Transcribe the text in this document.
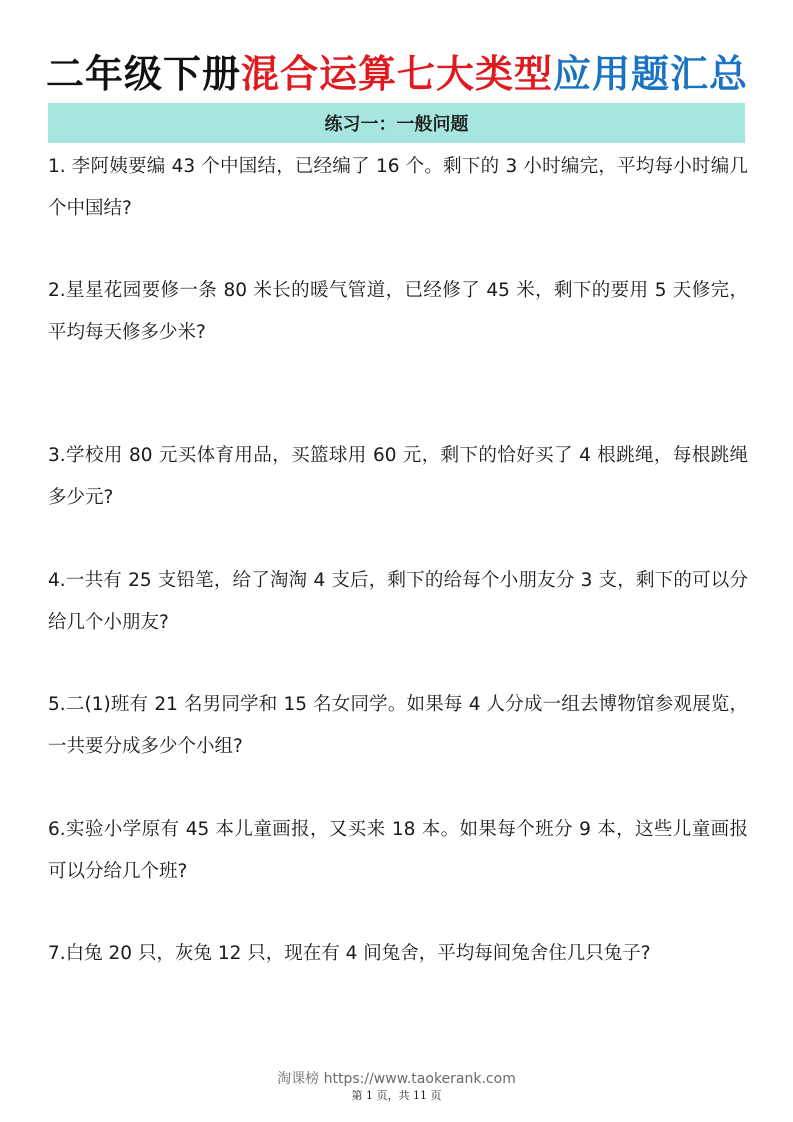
二年级下册混合运算七大类型应用题汇总
练习一：一般问题
1. 李阿姨要编 43 个中国结，已经编了 16 个。剩下的 3 小时编完，平均每小时编几个中国结?
2.星星花园要修一条 80 米长的暖气管道，已经修了 45 米，剩下的要用 5 天修完，平均每天修多少米?
3.学校用 80 元买体育用品，买篮球用 60 元，剩下的恰好买了 4 根跳绳，每根跳绳多少元?
4.一共有 25 支铅笔，给了淘淘 4 支后，剩下的给每个小朋友分 3 支，剩下的可以分给几个小朋友?
5.二(1)班有 21 名男同学和 15 名女同学。如果每 4 人分成一组去博物馆参观展览，一共要分成多少个小组?
6.实验小学原有 45 本儿童画报，又买来 18 本。如果每个班分 9 本，这些儿童画报可以分给几个班?
7.白兔 20 只，灰兔 12 只，现在有 4 间兔舍，平均每间兔舍住几只兔子?
淘课榜 https://www.taokerank.com
第 1 页，共 11 页
